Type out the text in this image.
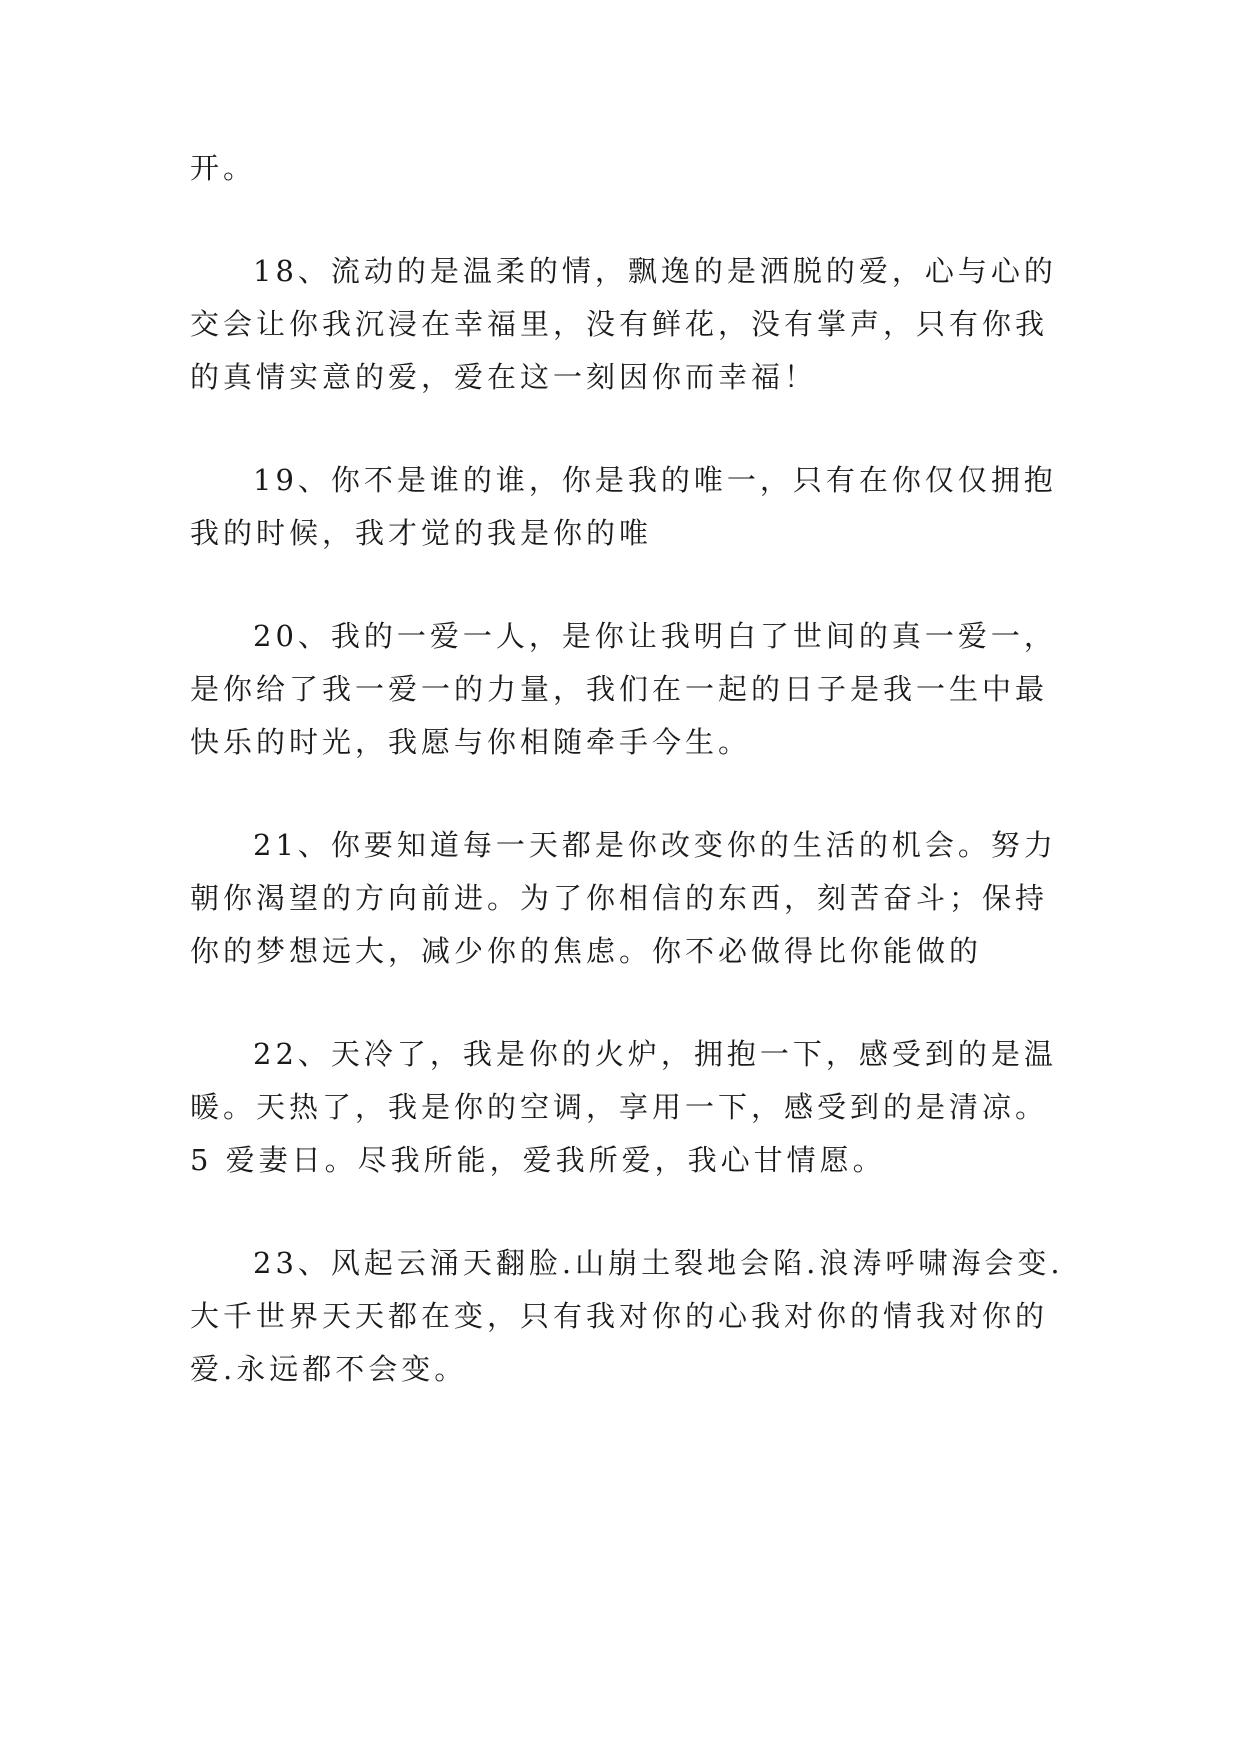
开。
18、流动的是温柔的情，飘逸的是洒脱的爱，心与心的
交会让你我沉浸在幸福里，没有鲜花，没有掌声，只有你我
的真情实意的爱，爱在这一刻因你而幸福！
19、你不是谁的谁，你是我的唯一，只有在你仅仅拥抱
我的时候，我才觉的我是你的唯
20、我的一爱一人，是你让我明白了世间的真一爱一，
是你给了我一爱一的力量，我们在一起的日子是我一生中最
快乐的时光，我愿与你相随牵手今生。
21、你要知道每一天都是你改变你的生活的机会。努力
朝你渴望的方向前进。为了你相信的东西，刻苦奋斗；保持
你的梦想远大，减少你的焦虑。你不必做得比你能做的
22、天冷了，我是你的火炉，拥抱一下，感受到的是温
暖。天热了，我是你的空调，享用一下，感受到的是清凉。
5 爱妻日。尽我所能，爱我所爱，我心甘情愿。
23、风起云涌天翻脸.山崩土裂地会陷.浪涛呼啸海会变.
大千世界天天都在变，只有我对你的心我对你的情我对你的
爱.永远都不会变。
